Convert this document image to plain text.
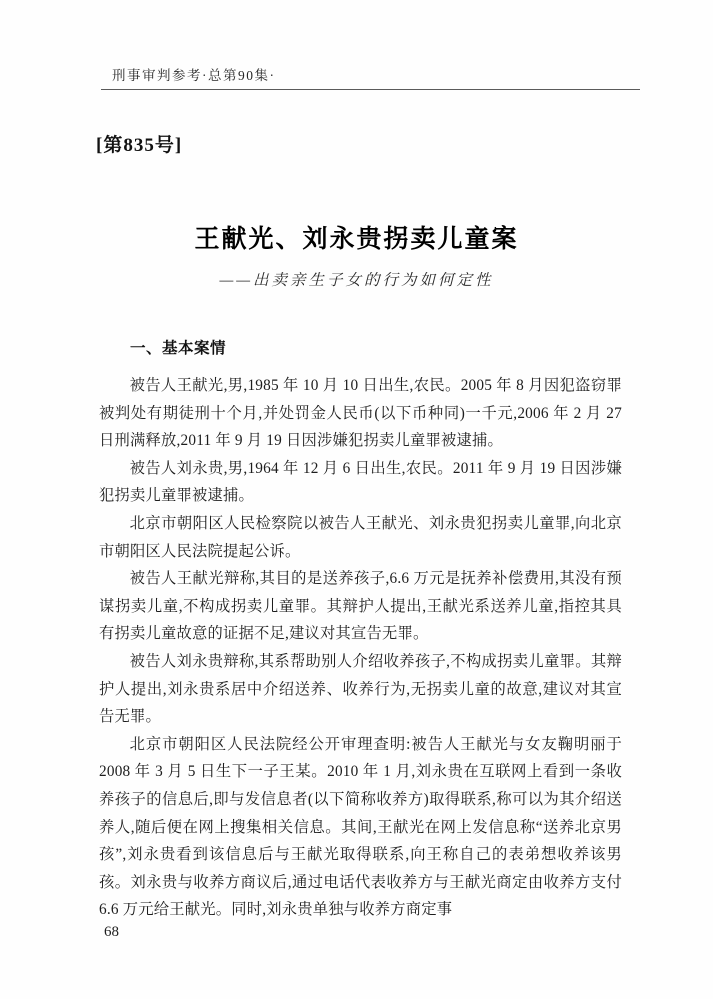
刑事审判参考·总第90集·
[第835号]
王献光、刘永贵拐卖儿童案
——出卖亲生子女的行为如何定性
一、基本案情

被告人王献光,男,1985 年 10 月 10 日出生,农民。2005 年 8 月因犯盗窃罪被判处有期徒刑十个月,并处罚金人民币(以下币种同)一千元,2006 年 2 月 27 日刑满释放,2011 年 9 月 19 日因涉嫌犯拐卖儿童罪被逮捕。

被告人刘永贵,男,1964 年 12 月 6 日出生,农民。2011 年 9 月 19 日因涉嫌犯拐卖儿童罪被逮捕。

北京市朝阳区人民检察院以被告人王献光、刘永贵犯拐卖儿童罪,向北京市朝阳区人民法院提起公诉。

被告人王献光辩称,其目的是送养孩子,6.6 万元是抚养补偿费用,其没有预谋拐卖儿童,不构成拐卖儿童罪。其辩护人提出,王献光系送养儿童,指控其具有拐卖儿童故意的证据不足,建议对其宣告无罪。

被告人刘永贵辩称,其系帮助别人介绍收养孩子,不构成拐卖儿童罪。其辩护人提出,刘永贵系居中介绍送养、收养行为,无拐卖儿童的故意,建议对其宣告无罪。

北京市朝阳区人民法院经公开审理查明:被告人王献光与女友鞠明丽于 2008 年 3 月 5 日生下一子王某。2010 年 1 月,刘永贵在互联网上看到一条收养孩子的信息后,即与发信息者(以下简称收养方)取得联系,称可以为其介绍送养人,随后便在网上搜集相关信息。其间,王献光在网上发信息称“送养北京男孩”,刘永贵看到该信息后与王献光取得联系,向王称自己的表弟想收养该男孩。刘永贵与收养方商议后,通过电话代表收养方与王献光商定由收养方支付 6.6 万元给王献光。同时,刘永贵单独与收养方商定事

68
